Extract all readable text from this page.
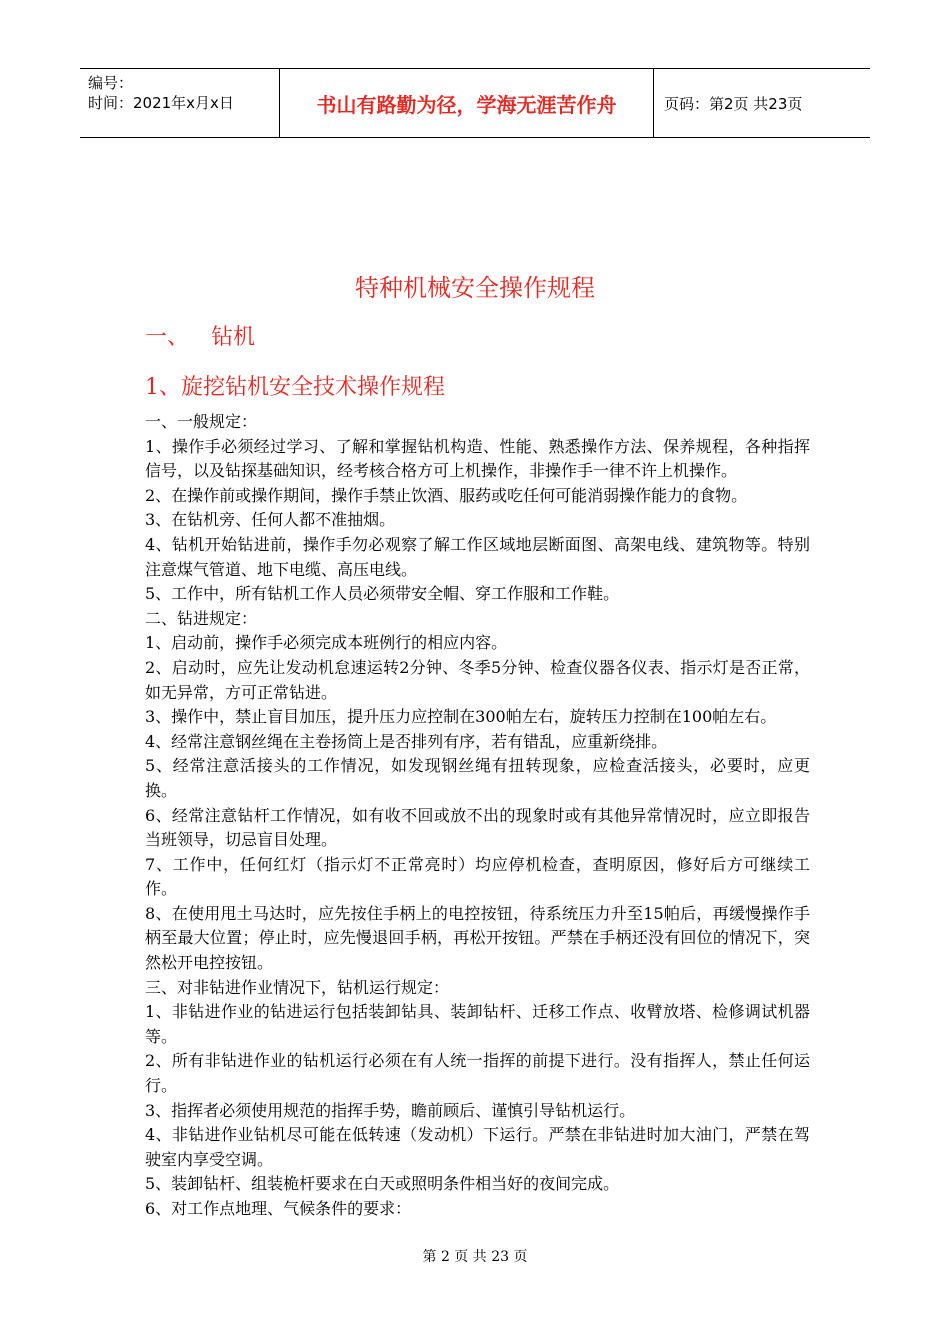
编号：
时间：2021年x月x日	书山有路勤为径，学海无涯苦作舟	页码：第2页 共23页
特种机械安全操作规程
一、 钻机
1、旋挖钻机安全技术操作规程

一、一般规定：

1、操作手必须经过学习、了解和掌握钻机构造、性能、熟悉操作方法、保养规程，各种指挥信号，以及钻探基础知识，经考核合格方可上机操作，非操作手一律不许上机操作。

2、在操作前或操作期间，操作手禁止饮酒、服药或吃任何可能消弱操作能力的食物。

3、在钻机旁、任何人都不准抽烟。

4、钻机开始钻进前，操作手勿必观察了解工作区域地层断面图、高架电线、建筑物等。特别注意煤气管道、地下电缆、高压电线。

5、工作中，所有钻机工作人员必须带安全帽、穿工作服和工作鞋。

二、钻进规定：

1、启动前，操作手必须完成本班例行的相应内容。

2、启动时，应先让发动机怠速运转2分钟、冬季5分钟、检查仪器各仪表、指示灯是否正常，如无异常，方可正常钻进。

3、操作中，禁止盲目加压，提升压力应控制在300帕左右，旋转压力控制在100帕左右。

4、经常注意钢丝绳在主卷扬筒上是否排列有序，若有错乱，应重新绕排。

5、经常注意活接头的工作情况，如发现钢丝绳有扭转现象，应检查活接头，必要时，应更换。

6、经常注意钻杆工作情况，如有收不回或放不出的现象时或有其他异常情况时，应立即报告当班领导，切忌盲目处理。

7、工作中，任何红灯（指示灯不正常亮时）均应停机检查，查明原因，修好后方可继续工作。

8、在使用甩土马达时，应先按住手柄上的电控按钮，待系统压力升至15帕后，再缓慢操作手柄至最大位置；停止时，应先慢退回手柄，再松开按钮。严禁在手柄还没有回位的情况下，突然松开电控按钮。

三、对非钻进作业情况下，钻机运行规定：

1、非钻进作业的钻进运行包括装卸钻具、装卸钻杆、迁移工作点、收臂放塔、检修调试机器等。

2、所有非钻进作业的钻机运行必须在有人统一指挥的前提下进行。没有指挥人，禁止任何运行。

3、指挥者必须使用规范的指挥手势，瞻前顾后、谨慎引导钻机运行。

4、非钻进作业钻机尽可能在低转速（发动机）下运行。严禁在非钻进时加大油门，严禁在驾驶室内享受空调。

5、装卸钻杆、组装桅杆要求在白天或照明条件相当好的夜间完成。

6、对工作点地理、气候条件的要求：

第 2 页 共 23 页
